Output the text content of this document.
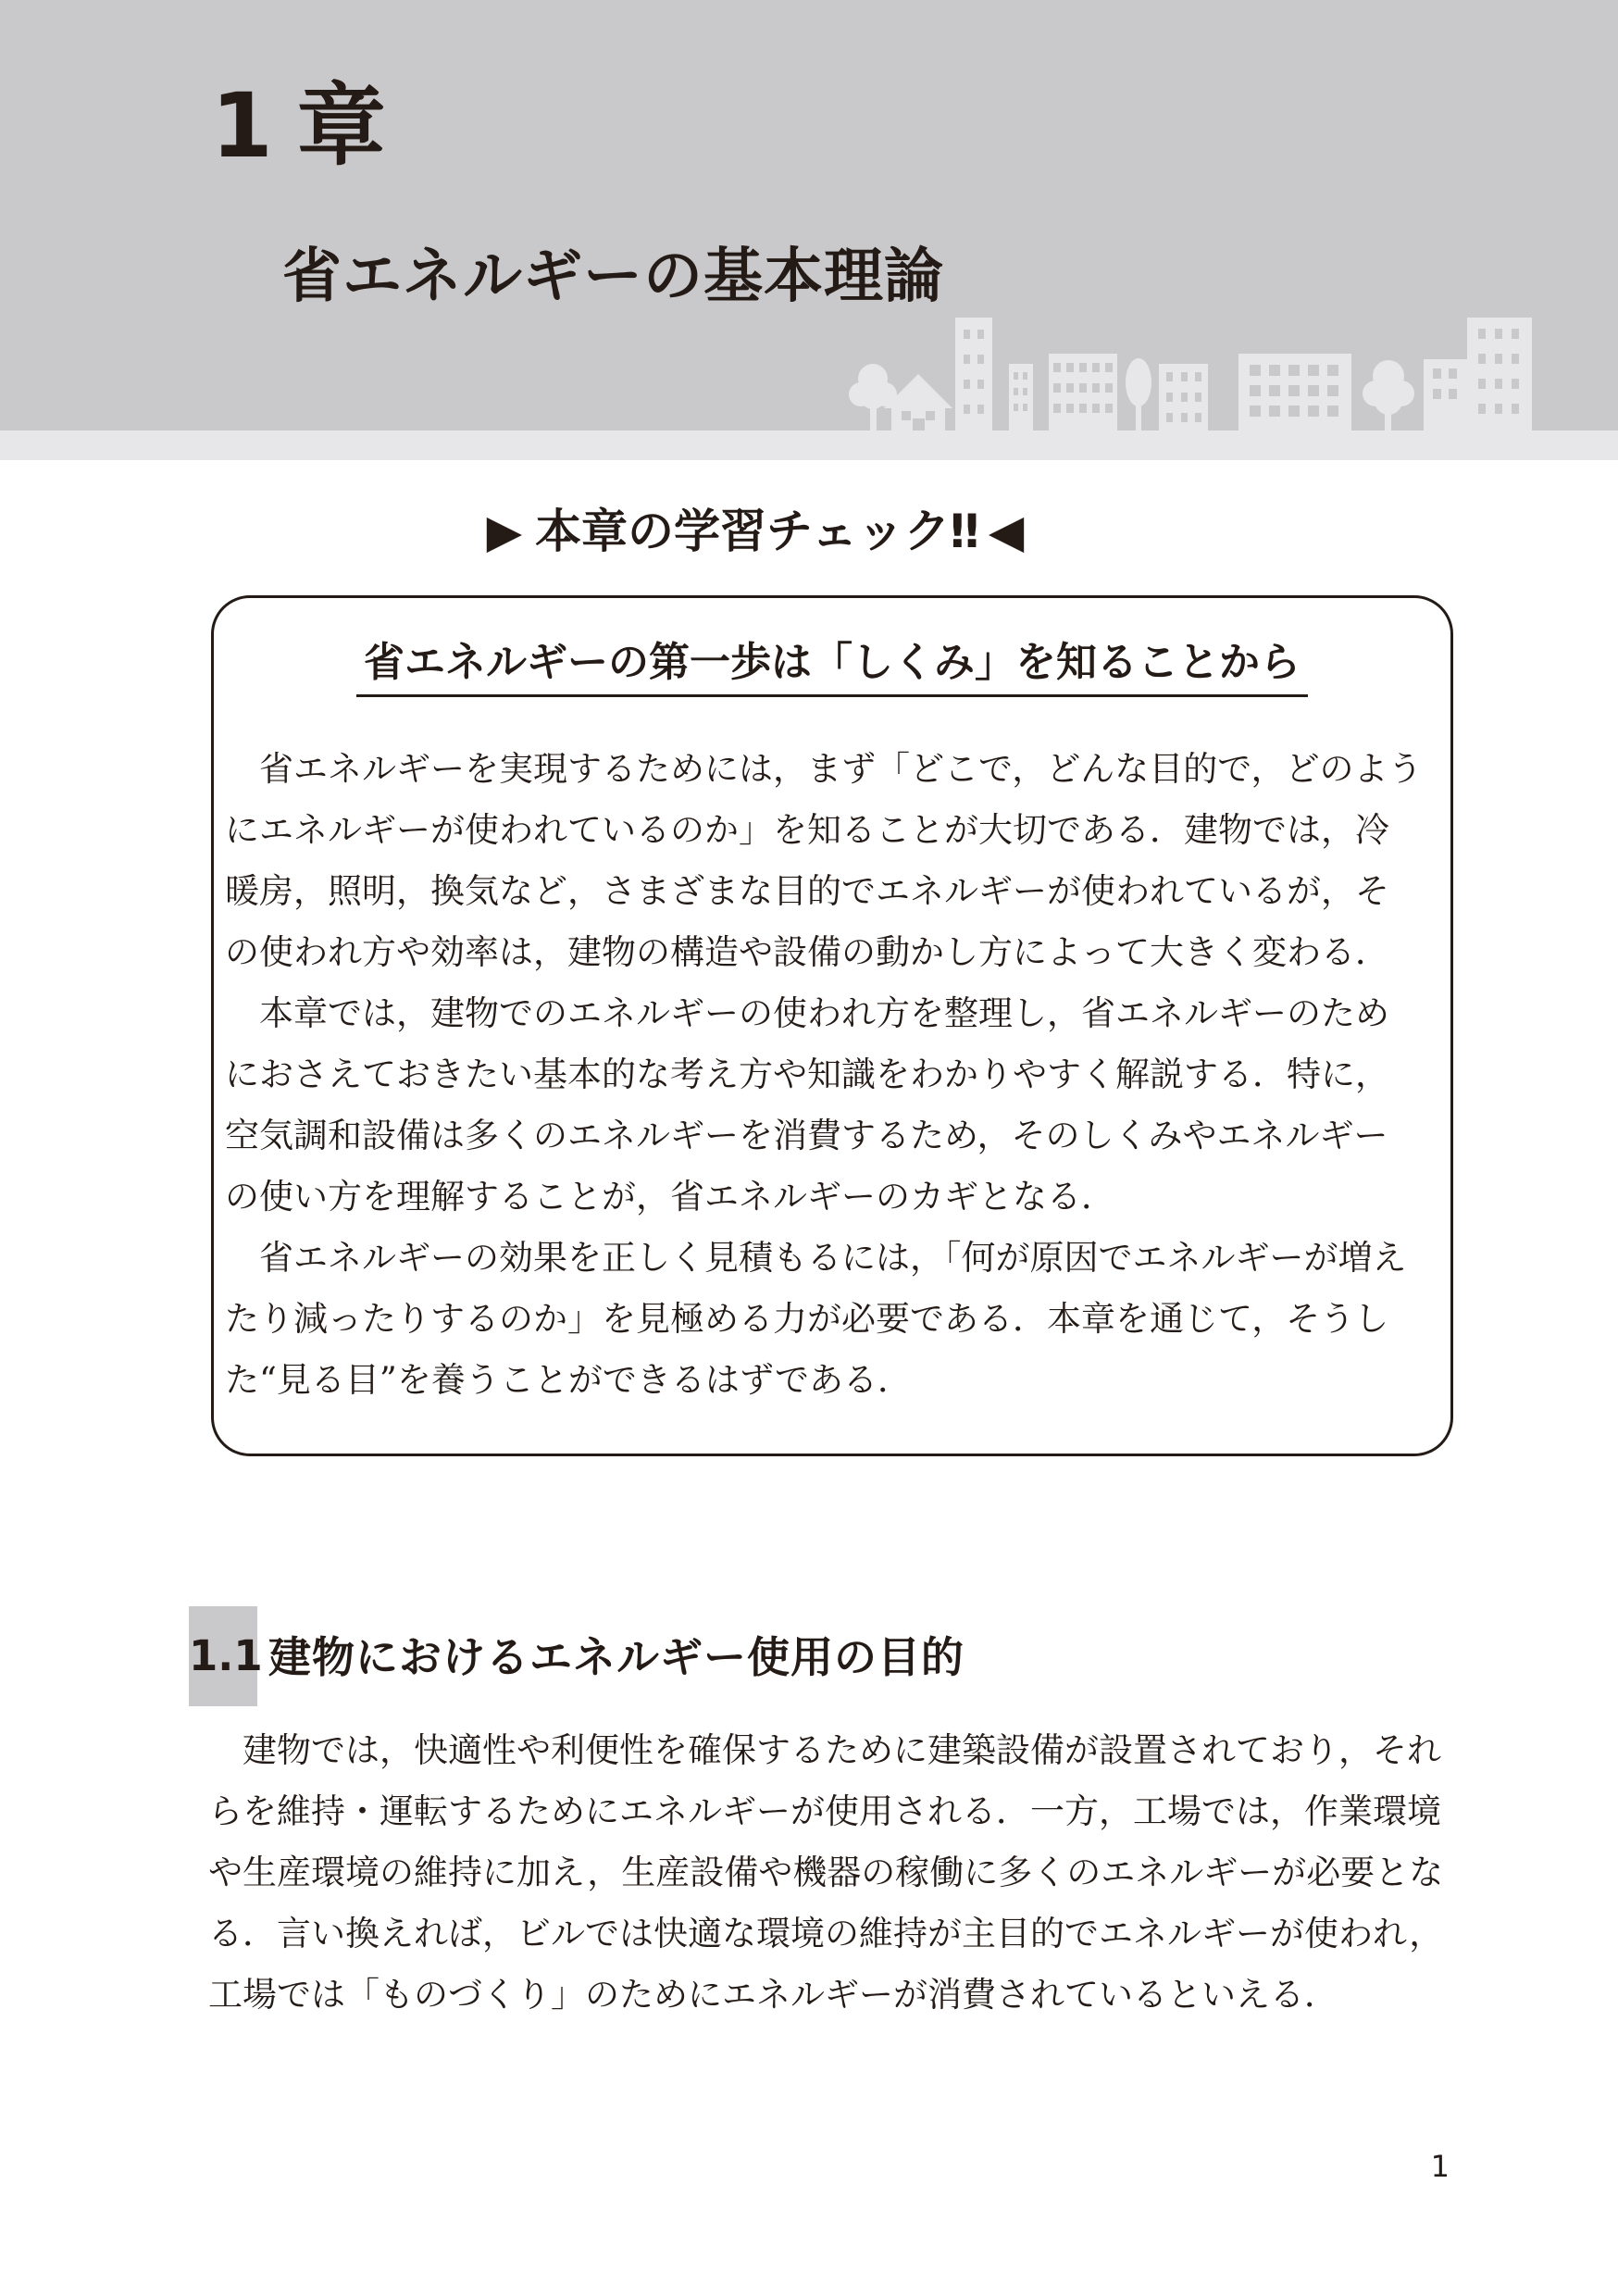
1 章
省エネルギーの基本理論
▶ 本章の学習チェック‼ ◀
省エネルギーの第一歩は「しくみ」を知ることから
　省エネルギーを実現するためには，まず「どこで，どんな目的で，どのよう
にエネルギーが使われているのか」を知ることが大切である．建物では，冷
暖房，照明，換気など，さまざまな目的でエネルギーが使われているが，そ
の使われ方や効率は，建物の構造や設備の動かし方によって大きく変わる．
　本章では，建物でのエネルギーの使われ方を整理し，省エネルギーのため
におさえておきたい基本的な考え方や知識をわかりやすく解説する．特に，
空気調和設備は多くのエネルギーを消費するため，そのしくみやエネルギー
の使い方を理解することが，省エネルギーのカギとなる．
　省エネルギーの効果を正しく見積もるには，「何が原因でエネルギーが増え
たり減ったりするのか」を見極める力が必要である．本章を通じて，そうし
た“見る目”を養うことができるはずである．
1.1 建物におけるエネルギー使用の目的
　建物では，快適性や利便性を確保するために建築設備が設置されており，それ
らを維持・運転するためにエネルギーが使用される．一方，工場では，作業環境
や生産環境の維持に加え，生産設備や機器の稼働に多くのエネルギーが必要とな
る．言い換えれば，ビルでは快適な環境の維持が主目的でエネルギーが使われ，
工場では「ものづくり」のためにエネルギーが消費されているといえる．
1
